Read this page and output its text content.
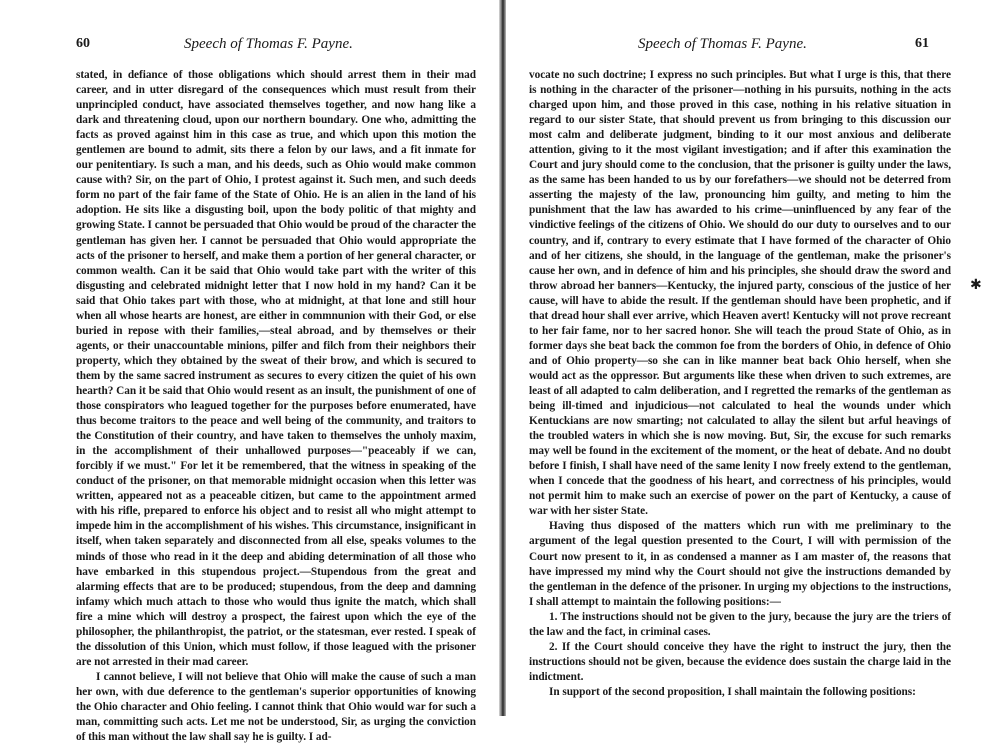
60	Speech of Thomas F. Payne.

stated, in defiance of those obligations which should arrest them in their mad career, and in utter disregard of the consequences which must result from their unprincipled conduct, have associated themselves together, and now hang like a dark and threatening cloud, upon our northern boundary. One who, admitting the facts as proved against him in this case as true, and which upon this motion the gentlemen are bound to admit, sits there a felon by our laws, and a fit inmate for our penitentiary. Is such a man, and his deeds, such as Ohio would make common cause with? Sir, on the part of Ohio, I protest against it. Such men, and such deeds form no part of the fair fame of the State of Ohio. He is an alien in the land of his adoption. He sits like a disgusting boil, upon the body politic of that mighty and growing State. I cannot be persuaded that Ohio would be proud of the character the gentleman has given her. I cannot be persuaded that Ohio would appropriate the acts of the prisoner to herself, and make them a portion of her general character, or common wealth. Can it be said that Ohio would take part with the writer of this disgusting and celebrated midnight letter that I now hold in my hand? Can it be said that Ohio takes part with those, who at midnight, at that lone and still hour when all whose hearts are honest, are either in commnunion with their God, or else buried in repose with their families,—steal abroad, and by themselves or their agents, or their unaccountable minions, pilfer and filch from their neighbors their property, which they obtained by the sweat of their brow, and which is secured to them by the same sacred instrument as secures to every citizen the quiet of his own hearth? Can it be said that Ohio would resent as an insult, the punishment of one of those conspirators who leagued together for the purposes before enumerated, have thus become traitors to the peace and well being of the community, and traitors to the Constitution of their country, and have taken to themselves the unholy maxim, in the accomplishment of their unhallowed purposes—"peaceably if we can, forcibly if we must." For let it be remembered, that the witness in speaking of the conduct of the prisoner, on that memorable midnight occasion when this letter was written, appeared not as a peaceable citizen, but came to the appointment armed with his rifle, prepared to enforce his object and to resist all who might attempt to impede him in the accomplishment of his wishes. This circumstance, insignificant in itself, when taken separately and disconnected from all else, speaks volumes to the minds of those who read in it the deep and abiding determination of all those who have embarked in this stupendous project.—Stupendous from the great and alarming effects that are to be produced; stupendous, from the deep and damning infamy which much attach to those who would thus ignite the match, which shall fire a mine which will destroy a prospect, the fairest upon which the eye of the philosopher, the philanthropist, the patriot, or the statesman, ever rested. I speak of the dissolution of this Union, which must follow, if those leagued with the prisoner are not arrested in their mad career.

I cannot believe, I will not believe that Ohio will make the cause of such a man her own, with due deference to the gentleman's superior opportunities of knowing the Ohio character and Ohio feeling. I cannot think that Ohio would war for such a man, committing such acts. Let me not be understood, Sir, as urging the conviction of this man without the law shall say he is guilty. I ad-

Speech of Thomas F. Payne.	61

vocate no such doctrine; I express no such principles. But what I urge is this, that there is nothing in the character of the prisoner—nothing in his pursuits, nothing in the acts charged upon him, and those proved in this case, nothing in his relative situation in regard to our sister State, that should prevent us from bringing to this discussion our most calm and deliberate judgment, binding to it our most anxious and deliberate attention, giving to it the most vigilant investigation; and if after this examination the Court and jury should come to the conclusion, that the prisoner is guilty under the laws, as the same has been handed to us by our forefathers—we should not be deterred from asserting the majesty of the law, pronouncing him guilty, and meting to him the punishment that the law has awarded to his crime—uninfluenced by any fear of the vindictive feelings of the citizens of Ohio. We should do our duty to ourselves and to our country, and if, contrary to every estimate that I have formed of the character of Ohio and of her citizens, she should, in the language of the gentleman, make the prisoner's cause her own, and in defence of him and his principles, she should draw the sword and throw abroad her banners—Kentucky, the injured party, conscious of the justice of her cause, will have to abide the result. If the gentleman should have been prophetic, and if that dread hour shall ever arrive, which Heaven avert! Kentucky will not prove recreant to her fair fame, nor to her sacred honor. She will teach the proud State of Ohio, as in former days she beat back the common foe from the borders of Ohio, in defence of Ohio and of Ohio property—so she can in like manner beat back Ohio herself, when she would act as the oppressor. But arguments like these when driven to such extremes, are least of all adapted to calm deliberation, and I regretted the remarks of the gentleman as being ill-timed and injudicious—not calculated to heal the wounds under which Kentuckians are now smarting; not calculated to allay the silent but arful heavings of the troubled waters in which she is now moving. But, Sir, the excuse for such remarks may well be found in the excitement of the moment, or the heat of debate. And no doubt before I finish, I shall have need of the same lenity I now freely extend to the gentleman, when I concede that the goodness of his heart, and correctness of his principles, would not permit him to make such an exercise of power on the part of Kentucky, a cause of war with her sister State.

Having thus disposed of the matters which run with me preliminary to the argument of the legal question presented to the Court, I will with permission of the Court now present to it, in as condensed a manner as I am master of, the reasons that have impressed my mind why the Court should not give the instructions demanded by the gentleman in the defence of the prisoner. In urging my objections to the instructions, I shall attempt to maintain the following positions:—

1. The instructions should not be given to the jury, because the jury are the triers of the law and the fact, in criminal cases.

2. If the Court should conceive they have the right to instruct the jury, then the instructions should not be given, because the evidence does sustain the charge laid in the indictment.

In support of the second proposition, I shall maintain the following positions:

✱
